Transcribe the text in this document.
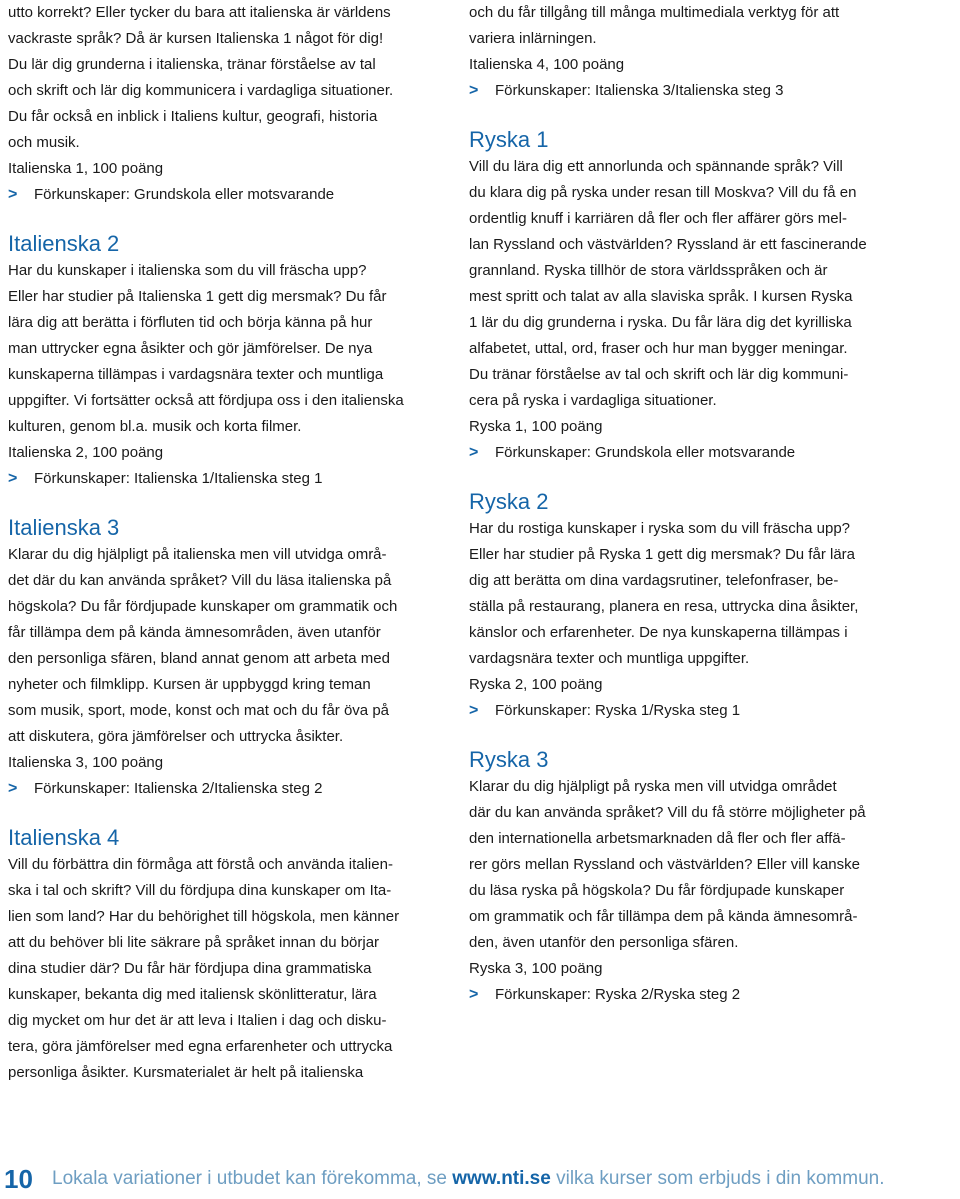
utto korrekt? Eller tycker du bara att italienska är världens

vackraste språk? Då är kursen Italienska 1 något för dig!

Du lär dig grunderna i italienska, tränar förståelse av tal

och skrift och lär dig kommunicera i vardagliga situationer.

Du får också en inblick i Italiens kultur, geografi, historia

och musik.

Italienska 1, 100 poäng

>	Förkunskaper: Grundskola eller motsvarande

Italienska 2

Har du kunskaper i italienska som du vill fräscha upp?

Eller har studier på Italienska 1 gett dig mersmak? Du får

lära dig att berätta i förfluten tid och börja känna på hur

man uttrycker egna åsikter och gör jämförelser. De nya

kunskaperna tillämpas i vardagsnära texter och muntliga

uppgifter. Vi fortsätter också att fördjupa oss i den italienska

kulturen, genom bl.a. musik och korta filmer.

Italienska 2, 100 poäng

>	Förkunskaper: Italienska 1/Italienska steg 1

Italienska 3

Klarar du dig hjälpligt på italienska men vill utvidga områ-

det där du kan använda språket? Vill du läsa italienska på

högskola? Du får fördjupade kunskaper om grammatik och

får tillämpa dem på kända ämnesområden, även utanför

den personliga sfären, bland annat genom att arbeta med

nyheter och filmklipp. Kursen är uppbyggd kring teman

som musik, sport, mode, konst och mat och du får öva på

att diskutera, göra jämförelser och uttrycka åsikter.

Italienska 3, 100 poäng

>	Förkunskaper: Italienska 2/Italienska steg 2

Italienska 4

Vill du förbättra din förmåga att förstå och använda italien-

ska i tal och skrift? Vill du fördjupa dina kunskaper om Ita-

lien som land? Har du behörighet till högskola, men känner

att du behöver bli lite säkrare på språket innan du börjar

dina studier där? Du får här fördjupa dina grammatiska

kunskaper, bekanta dig med italiensk skönlitteratur, lära

dig mycket om hur det är att leva i Italien i dag och disku-

tera, göra jämförelser med egna erfarenheter och uttrycka

personliga åsikter. Kursmaterialet är helt på italienska

och du får tillgång till många multimediala verktyg för att

variera inlärningen.

Italienska 4, 100 poäng

>	Förkunskaper: Italienska 3/Italienska steg 3

Ryska 1

Vill du lära dig ett annorlunda och spännande språk? Vill

du klara dig på ryska under resan till Moskva? Vill du få en

ordentlig knuff i karriären då fler och fler affärer görs mel-

lan Ryssland och västvärlden? Ryssland är ett fascinerande

grannland. Ryska tillhör de stora världsspråken och är

mest spritt och talat av alla slaviska språk. I kursen Ryska

1 lär du dig grunderna i ryska. Du får lära dig det kyrilliska

alfabetet, uttal, ord, fraser och hur man bygger meningar.

Du tränar förståelse av tal och skrift och lär dig kommuni-

cera på ryska i vardagliga situationer.

Ryska 1, 100 poäng

>	Förkunskaper: Grundskola eller motsvarande

Ryska 2

Har du rostiga kunskaper i ryska som du vill fräscha upp?

Eller har studier på Ryska 1 gett dig mersmak? Du får lära

dig att berätta om dina vardagsrutiner, telefonfraser, be-

ställa på restaurang, planera en resa, uttrycka dina åsikter,

känslor och erfarenheter. De nya kunskaperna tillämpas i

vardagsnära texter och muntliga uppgifter.

Ryska 2, 100 poäng

>	Förkunskaper: Ryska 1/Ryska steg 1

Ryska 3

Klarar du dig hjälpligt på ryska men vill utvidga området

där du kan använda språket? Vill du få större möjligheter på

den internationella arbetsmarknaden då fler och fler affä-

rer görs mellan Ryssland och västvärlden? Eller vill kanske

du läsa ryska på högskola? Du får fördjupade kunskaper

om grammatik och får tillämpa dem på kända ämnesområ-

den, även utanför den personliga sfären.

Ryska 3, 100 poäng

>	Förkunskaper: Ryska 2/Ryska steg 2

10	Lokala variationer i utbudet kan förekomma, se www.nti.se vilka kurser som erbjuds i din kommun.
